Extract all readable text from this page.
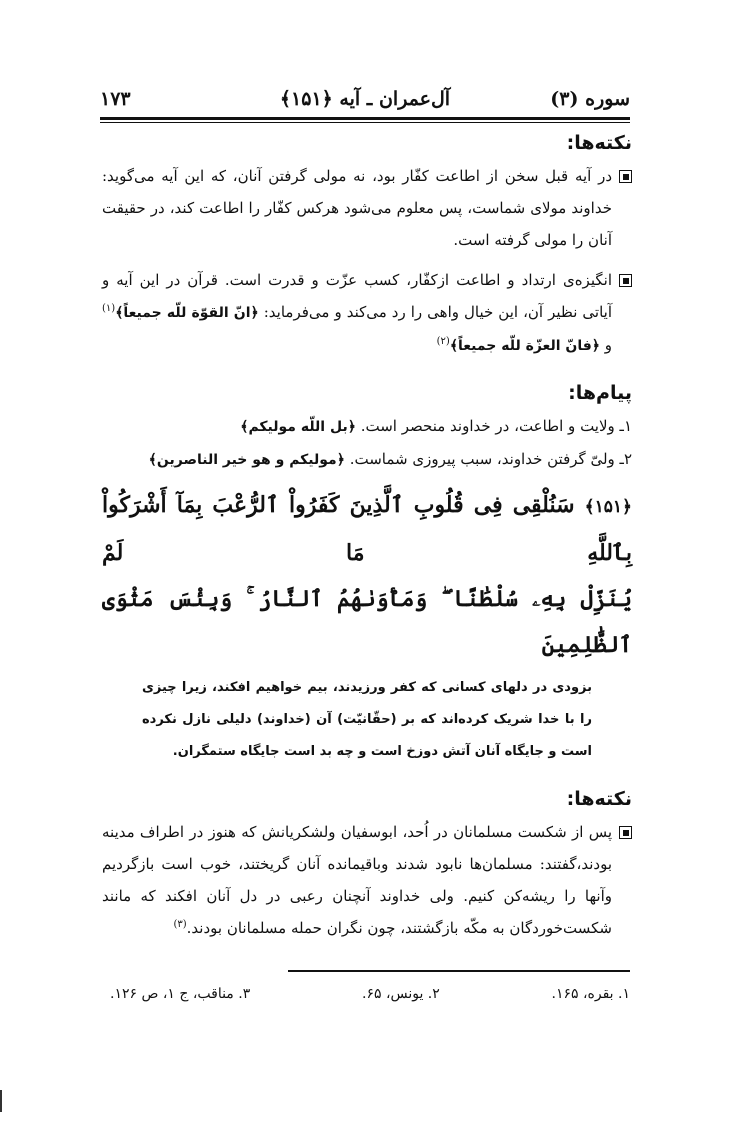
سوره (۳)
آل‌عمران ـ آیه ﴿۱۵۱﴾
۱۷۳
نکته‌ها:
در آیه قبل سخن از اطاعت کفّار بود، نه مولی گرفتن آنان، که این آیه می‌گوید: خداوند مولای شماست، پس معلوم می‌شود هرکس کفّار را اطاعت کند، در حقیقت آنان را مولی گرفته است.
انگیزه‌ی ارتداد و اطاعت ازکفّار، کسب عزّت و قدرت است. قرآن در این آیه و آیاتی نظیر آن، این خیال واهی را رد می‌کند و می‌فرماید: ﴿انّ القوّة للّه جمیعاً﴾$^{(۱)}$ و ﴿فانّ العزّة للّه جمیعاً﴾$^{(۲)}$
پیام‌ها:
۱ـ ولایت و اطاعت، در خداوند منحصر است. ﴿بل اللّه مولیکم﴾
۲ـ ولیّ گرفتن خداوند، سبب پیروزی شماست. ﴿مولیکم و هو خیر الناصرین﴾
﴿۱۵۱﴾ سَنُلْقِی فِی قُلُوبِ ٱلَّذِینَ کَفَرُواْ ٱلرُّعْبَ بِمَآ أَشْرَکُواْ بِٱللَّهِ مَا لَمْ
یُنَزِّلْ بِهِۦ سُلْطَٰنًا ۖ وَمَأْوَىٰهُمُ ٱلنَّارُ ۚ وَبِئْسَ مَثْوَى ٱلظَّٰلِمِینَ
بزودی در دلهای کسانی که کفر ورزیدند، بیم خواهیم افکند، زیرا چیزی را با خدا شریک کرده‌اند که بر (حقّانیّت) آن (خداوند) دلیلی نازل نکرده است و جایگاه آنان آتش دوزخ است و چه بد است جایگاه ستمگران.
نکته‌ها:
پس از شکست مسلمانان در اُحد، ابوسفیان ولشکریانش که هنوز در اطراف مدینه بودند،گفتند: مسلمان‌ها نابود شدند وباقیمانده آنان گریختند، خوب است بازگردیم وآنها را ریشه‌کن کنیم. ولی خداوند آنچنان رعبی در دل آنان افکند که مانند شکست‌خوردگان به مکّه بازگشتند، چون نگران حمله مسلمانان بودند.$^{(۳)}$
۱. بقره، ۱۶۵.
۲. یونس، ۶۵.
۳. مناقب، ج ۱، ص ۱۲۶.
